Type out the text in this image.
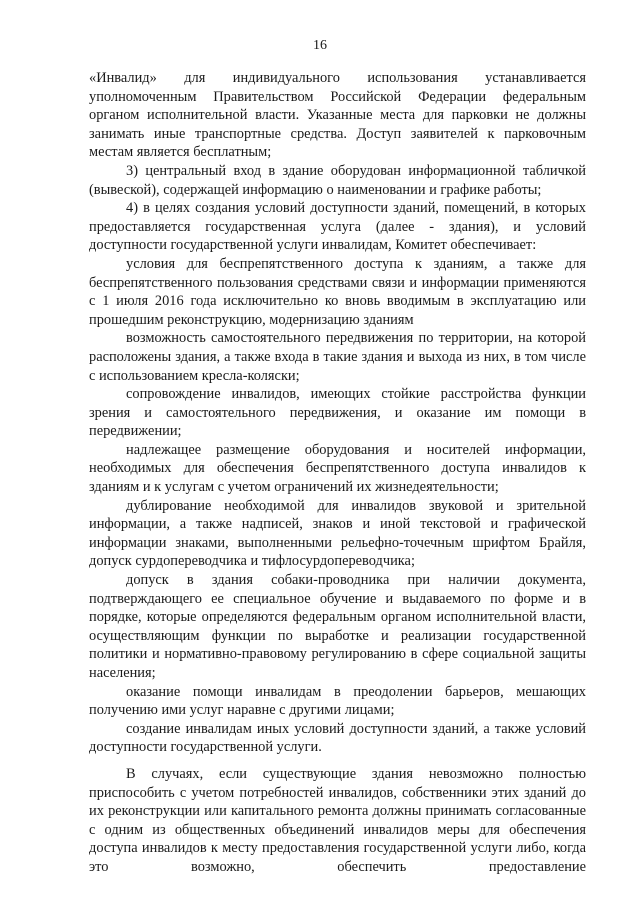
16

«Инвалид» для индивидуального использования устанавливается уполномоченным Правительством Российской Федерации федеральным органом исполнительной власти. Указанные места для парковки не должны занимать иные транспортные средства. Доступ заявителей к парковочным местам является бесплатным;

3) центральный вход в здание оборудован информационной табличкой (вывеской), содержащей информацию о наименовании и графике работы;

4) в целях создания условий доступности зданий, помещений, в которых предоставляется государственная услуга (далее - здания), и условий доступности государственной услуги инвалидам, Комитет обеспечивает:

условия для беспрепятственного доступа к зданиям, а также для беспрепятственного пользования средствами связи и информации применяются с 1 июля 2016 года исключительно ко вновь вводимым в эксплуатацию или прошедшим реконструкцию, модернизацию зданиям

возможность самостоятельного передвижения по территории, на которой расположены здания, а также входа в такие здания и выхода из них, в том числе с использованием кресла-коляски;

сопровождение инвалидов, имеющих стойкие расстройства функции зрения и самостоятельного передвижения, и оказание им помощи в передвижении;

надлежащее размещение оборудования и носителей информации, необходимых для обеспечения беспрепятственного доступа инвалидов к зданиям и к услугам с учетом ограничений их жизнедеятельности;

дублирование необходимой для инвалидов звуковой и зрительной информации, а также надписей, знаков и иной текстовой и графической информации знаками, выполненными рельефно-точечным шрифтом Брайля, допуск сурдопереводчика и тифлосурдопереводчика;

допуск в здания собаки-проводника при наличии документа, подтверждающего ее специальное обучение и выдаваемого по форме и в порядке, которые определяются федеральным органом исполнительной власти, осуществляющим функции по выработке и реализации государственной политики и нормативно-правовому регулированию в сфере социальной защиты населения;

оказание помощи инвалидам в преодолении барьеров, мешающих получению ими услуг наравне с другими лицами;

создание инвалидам иных условий доступности зданий, а также условий доступности государственной услуги.

В случаях, если существующие здания невозможно полностью приспособить с учетом потребностей инвалидов, собственники этих зданий до их реконструкции или капитального ремонта должны принимать согласованные с одним из общественных объединений инвалидов меры для обеспечения доступа инвалидов к месту предоставления государственной услуги либо, когда это возможно, обеспечить предоставление
